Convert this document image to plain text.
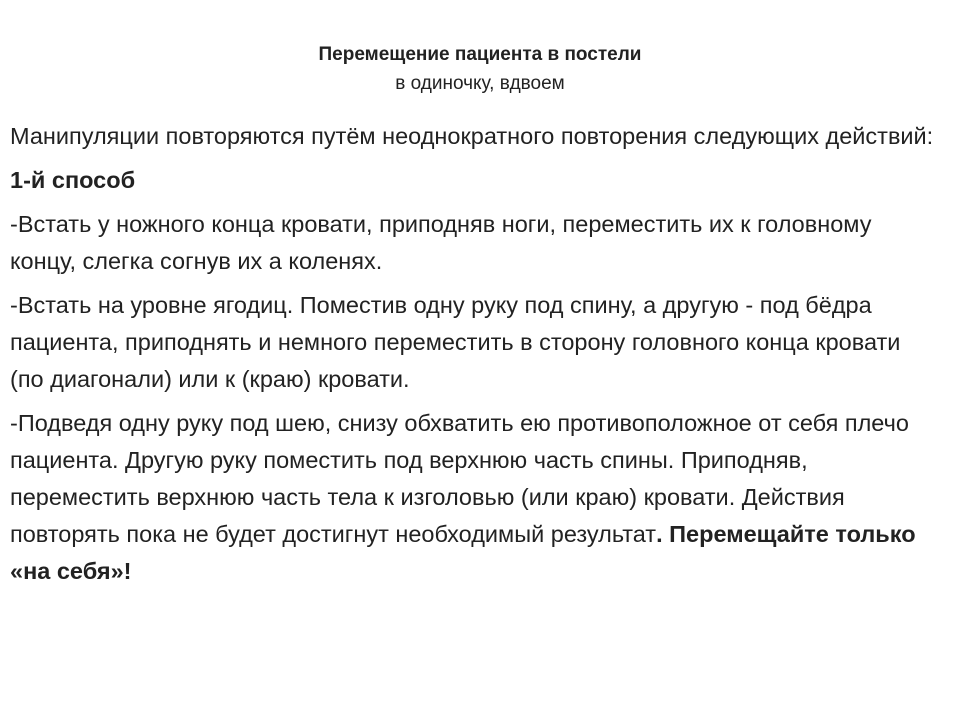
Перемещение пациента в постели
в одиночку, вдвоем

Манипуляции повторяются путём неоднократного повторения следующих действий:

1-й способ

-Встать у ножного конца кровати, приподняв ноги, переместить их к головному концу, слегка согнув их а коленях.

-Встать на уровне ягодиц. Поместив одну руку под спину, а другую - под бёдра пациента, приподнять и немного переместить в сторону головного конца кровати (по диагонали) или к (краю) кровати.

-Подведя одну руку под шею, снизу обхватить ею противоположное от себя плечо пациента. Другую руку поместить под верхнюю часть спины. Приподняв, переместить верхнюю часть тела к изголовью (или краю) кровати. Действия повторять пока не будет достигнут необходимый результат. Перемещайте только «на себя»!
